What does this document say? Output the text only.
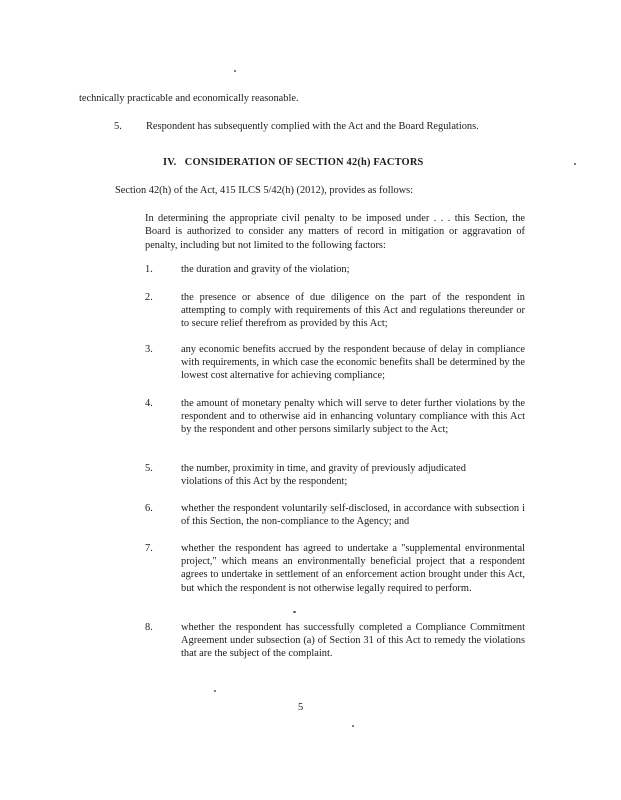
technically practicable and economically reasonable.
5. Respondent has subsequently complied with the Act and the Board Regulations.
IV.   CONSIDERATION OF SECTION 42(h) FACTORS
Section 42(h) of the Act, 415 ILCS 5/42(h) (2012), provides as follows:
In determining the appropriate civil penalty to be imposed under . . . this Section, the Board is authorized to consider any matters of record in mitigation or aggravation of penalty, including but not limited to the following factors:
1.	the duration and gravity of the violation;
2.	the presence or absence of due diligence on the part of the respondent in attempting to comply with requirements of this Act and regulations thereunder or to secure relief therefrom as provided by this Act;
3.	any economic benefits accrued by the respondent because of delay in compliance with requirements, in which case the economic benefits shall be determined by the lowest cost alternative for achieving compliance;
4.	the amount of monetary penalty which will serve to deter further violations by the respondent and to otherwise aid in enhancing voluntary compliance with this Act by the respondent and other persons similarly subject to the Act;
5.	the number, proximity in time, and gravity of previously adjudicated violations of this Act by the respondent;
6.	whether the respondent voluntarily self-disclosed, in accordance with subsection i of this Section, the non-compliance to the Agency; and
7.	whether the respondent has agreed to undertake a "supplemental environmental project," which means an environmentally beneficial project that a respondent agrees to undertake in settlement of an enforcement action brought under this Act, but which the respondent is not otherwise legally required to perform.
8.	whether the respondent has successfully completed a Compliance Commitment Agreement under subsection (a) of Section 31 of this Act to remedy the violations that are the subject of the complaint.
5
